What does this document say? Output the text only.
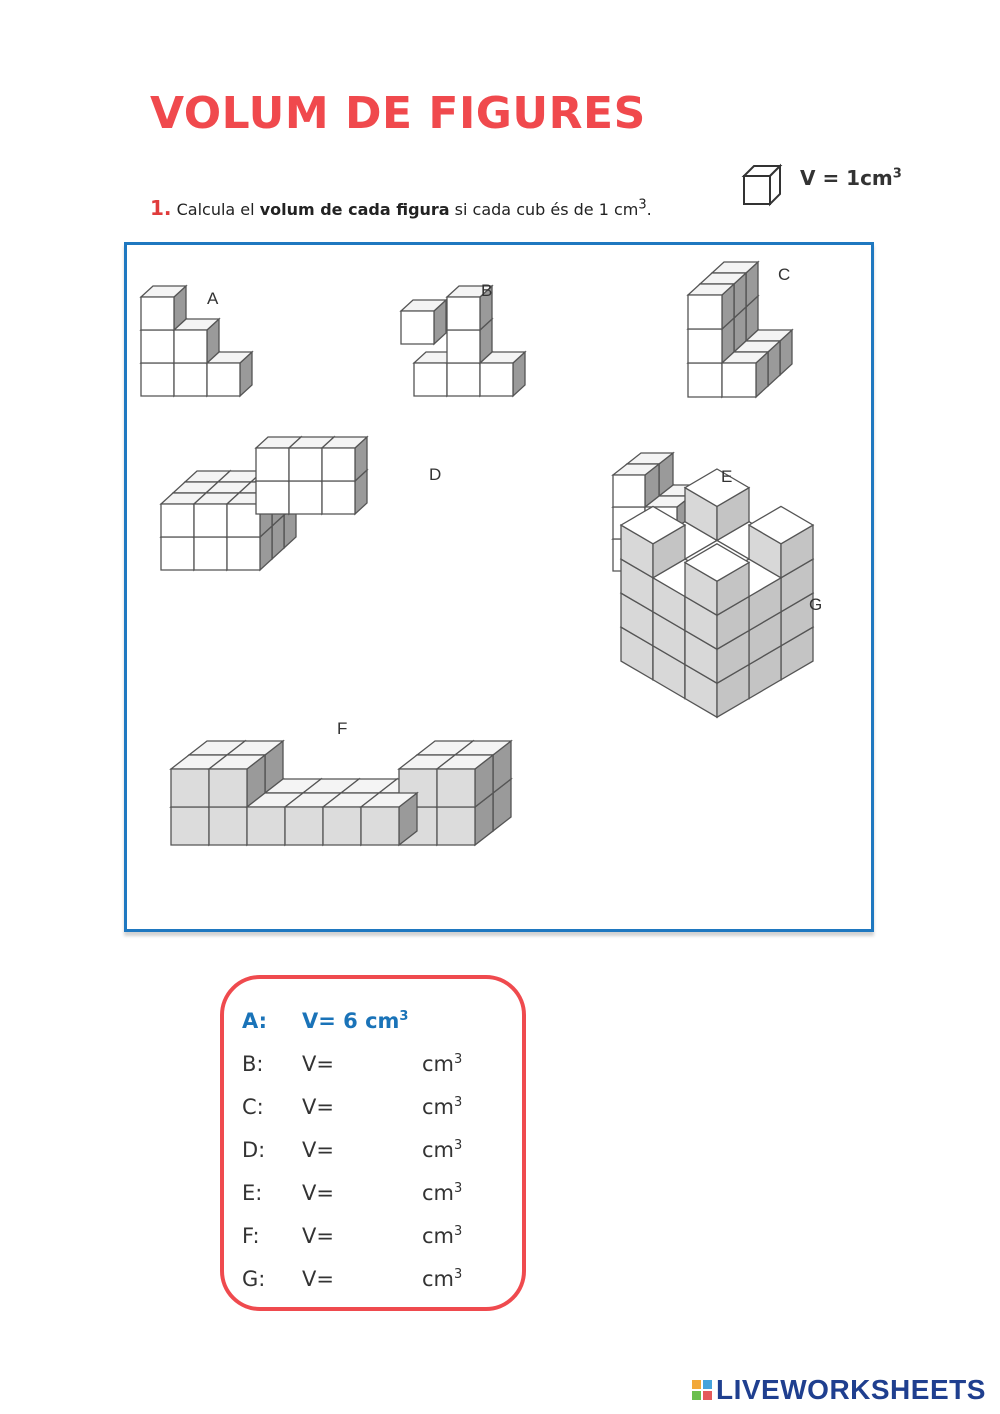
VOLUM DE FIGURES
1. Calcula el volum de cada figura si cada cub és de 1 $cm^3$.
$V = 1cm^3$
A	B
C
D	E
F
G
A:	V= 6 $cm^3$
B:	V=	$cm^3$
C:	V=	$cm^3$
D:	V=	$cm^3$
E:	V=	$cm^3$
F:	V=	$cm^3$
G:	V=	$cm^3$
LIVEWORKSHEETS
